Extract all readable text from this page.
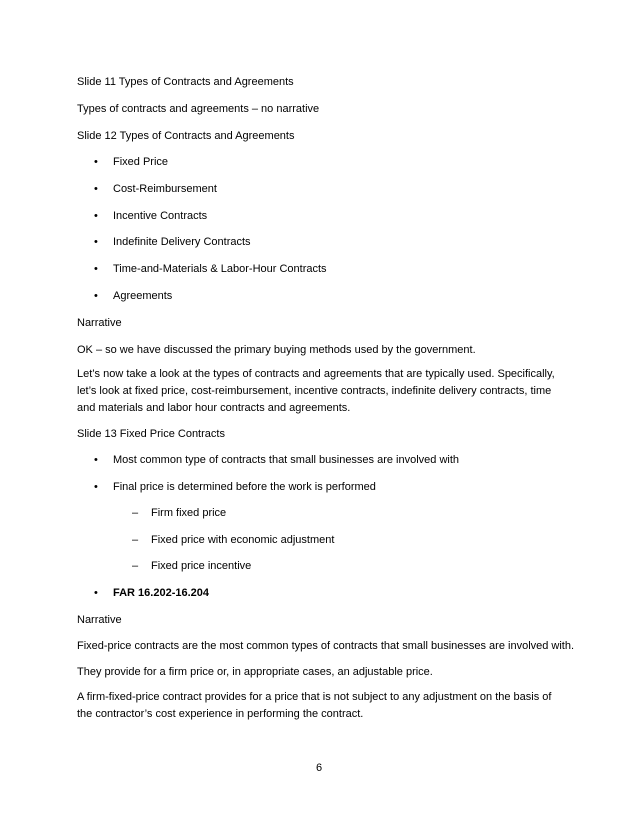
Slide 11 Types of Contracts and Agreements
Types of contracts and agreements – no narrative
Slide 12 Types of Contracts and Agreements
• Fixed Price
• Cost-Reimbursement
• Incentive Contracts
• Indefinite Delivery Contracts
• Time-and-Materials & Labor-Hour Contracts
• Agreements
Narrative
OK – so we have discussed the primary buying methods used by the government.
Let’s now take a look at the types of contracts and agreements that are typically used. Specifically, let’s look at fixed price, cost-reimbursement, incentive contracts, indefinite delivery contracts, time and materials and labor hour contracts and agreements.
Slide 13 Fixed Price Contracts
• Most common type of contracts that small businesses are involved with
• Final price is determined before the work is performed
– Firm fixed price
– Fixed price with economic adjustment
– Fixed price incentive
• FAR 16.202-16.204
Narrative
Fixed-price contracts are the most common types of contracts that small businesses are involved with.
They provide for a firm price or, in appropriate cases, an adjustable price.
A firm-fixed-price contract provides for a price that is not subject to any adjustment on the basis of the contractor’s cost experience in performing the contract.
6
